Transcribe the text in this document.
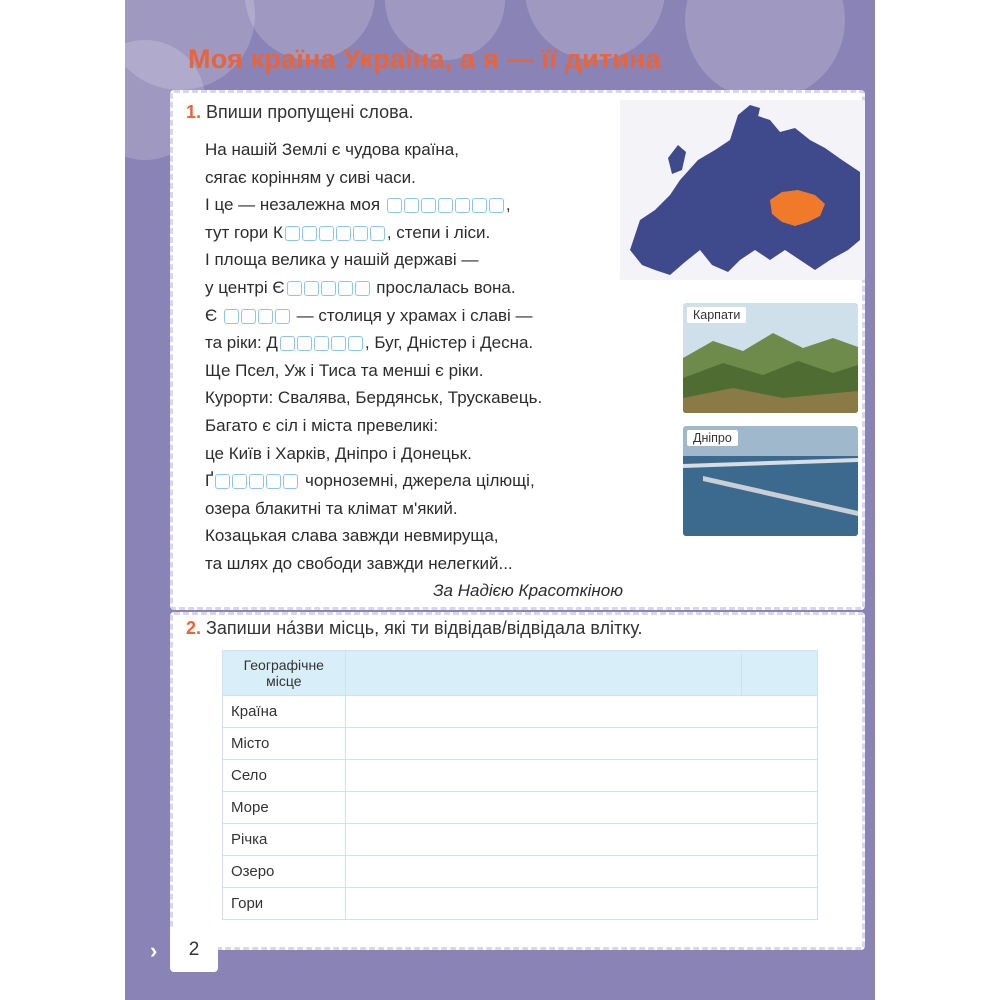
Моя країна Україна, а я — її дитина
1. Впиши пропущені слова.
На нашій Землі є чудова країна,
сягає корінням у сиві часи.
І це — незалежна моя	,
тут гори К	, степи і ліси.
І площа велика у нашій державі —
у центрі Є	прослалась вона.
Є	— столиця у храмах і славі —
та ріки: Д	, Буг, Дністер і Десна.
Ще Псел, Уж і Тиса та менші є ріки.
Курорти: Свалява, Бердянськ, Трускавець.
Багато є сіл і міста превеликі:
це Київ і Харків, Дніпро і Донецьк.
Ґ	чорноземні, джерела цілющі,
озера блакитні та клімат м'який.
Козацькая слава завжди невмируща,
та шлях до свободи завжди нелегкий...
За Надією Красоткіною
Карпати
Дніпро
2. Запиши на́зви місць, які ти відвідав/відвідала влітку.
Географічне місце		
Країна		
Місто		
Село		
Море		
Річка		
Озеро		
Гори		
›	2
